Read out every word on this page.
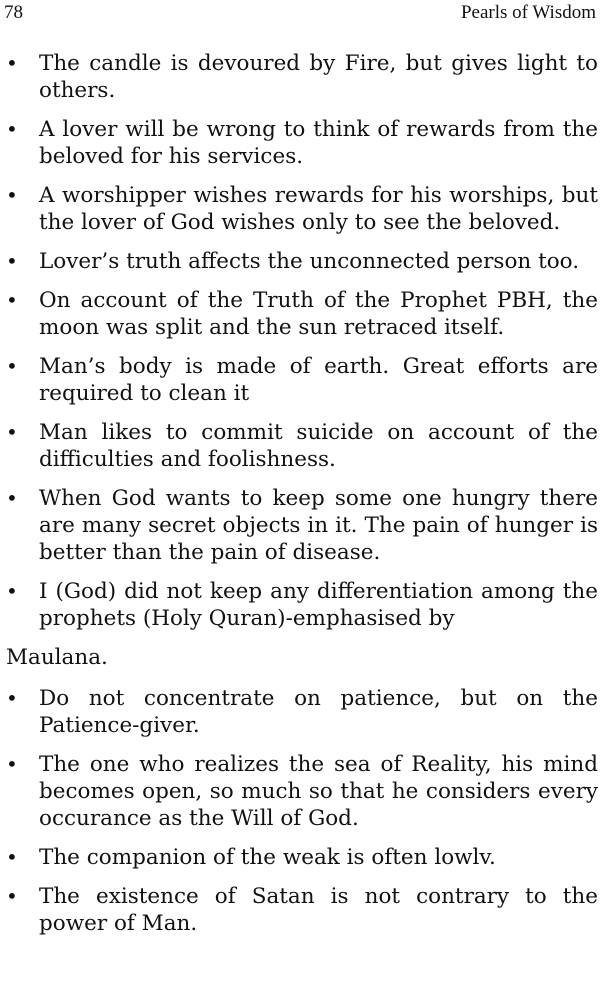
78	Pearls of Wisdom
• The candle is devoured by Fire, but gives light to others.
• A lover will be wrong to think of rewards from the beloved for his services.
• A worshipper wishes rewards for his worships, but the lover of God wishes only to see the beloved.
• Lover’s truth affects the unconnected person too.
• On account of the Truth of the Prophet PBH, the moon was split and the sun retraced itself.
• Man’s body is made of earth. Great efforts are required to clean it
• Man likes to commit suicide on account of the difficulties and foolishness.
• When God wants to keep some one hungry there are many secret objects in it. The pain of hunger is better than the pain of disease.
• I (God) did not keep any differentiation among the prophets (Holy Quran)-emphasised by

Maulana.

• Do not concentrate on patience, but on the Patience-giver.
• The one who realizes the sea of Reality, his mind becomes open, so much so that he considers every occurance as the Will of God.
• The companion of the weak is often lowlv.
• The existence of Satan is not contrary to the power of Man.
